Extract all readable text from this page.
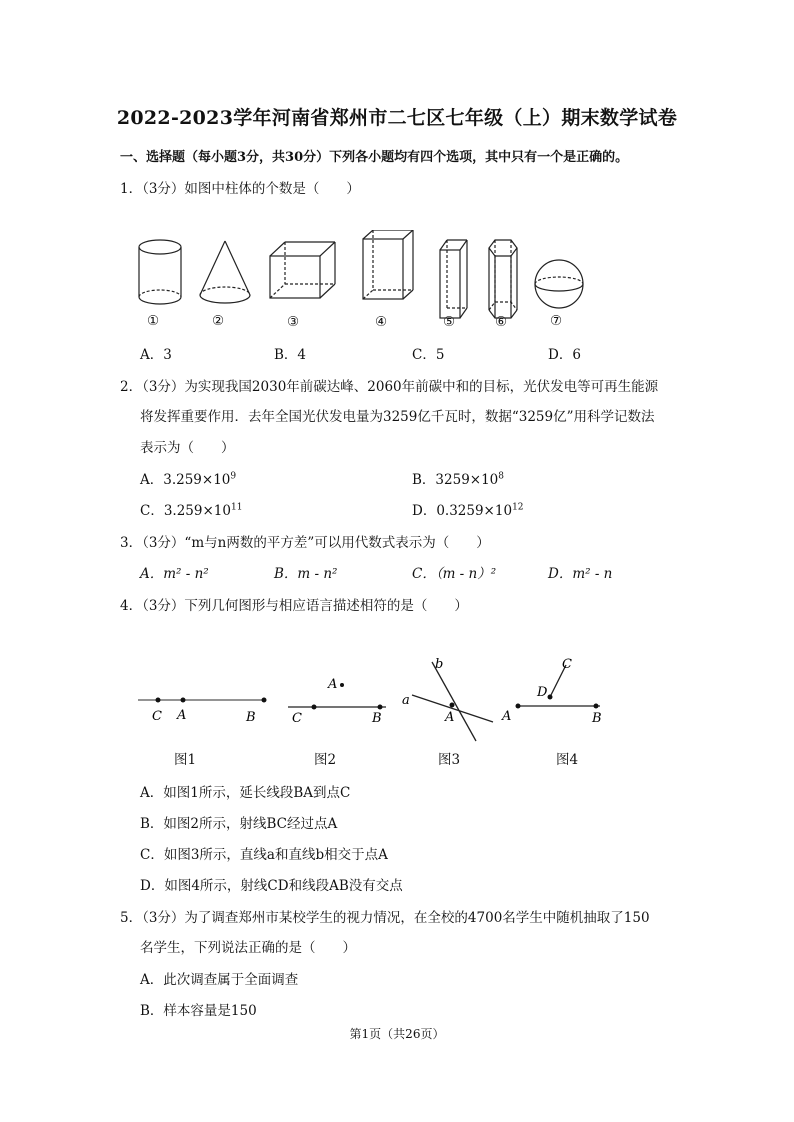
2022-2023学年河南省郑州市二七区七年级（上）期末数学试卷
一、选择题（每小题3分，共30分）下列各小题均有四个选项，其中只有一个是正确的。
1．（3分）如图中柱体的个数是（　　）
①	②	③	④	⑤	⑥	⑦
A．3	B．4	C．5	D．6
2．（3分）为实现我国2030年前碳达峰、2060年前碳中和的目标，光伏发电等可再生能源
将发挥重要作用．去年全国光伏发电量为3259亿千瓦时，数据“3259亿”用科学记数法
表示为（　　）
A．$3.259\times 10^9$	B．$3259\times 10^8$
C．$3.259\times 10^{11}$	D．$0.3259\times 10^{12}$
3．（3分）“m与n两数的平方差”可以用代数式表示为（　　）
A．m² - n²	B．m - n²	C．（m - n）²	D．m² - n
4．（3分）下列几何图形与相应语言描述相符的是（　　）
C A	B
A
C	B
b
a
A
C
D
A	B
图1	图2	图3	图4
A．如图1所示，延长线段BA到点C
B．如图2所示，射线BC经过点A
C．如图3所示，直线a和直线b相交于点A
D．如图4所示，射线CD和线段AB没有交点
5．（3分）为了调查郑州市某校学生的视力情况，在全校的4700名学生中随机抽取了150
名学生，下列说法正确的是（　　）
A．此次调查属于全面调查
B．样本容量是150
第1页（共26页）
